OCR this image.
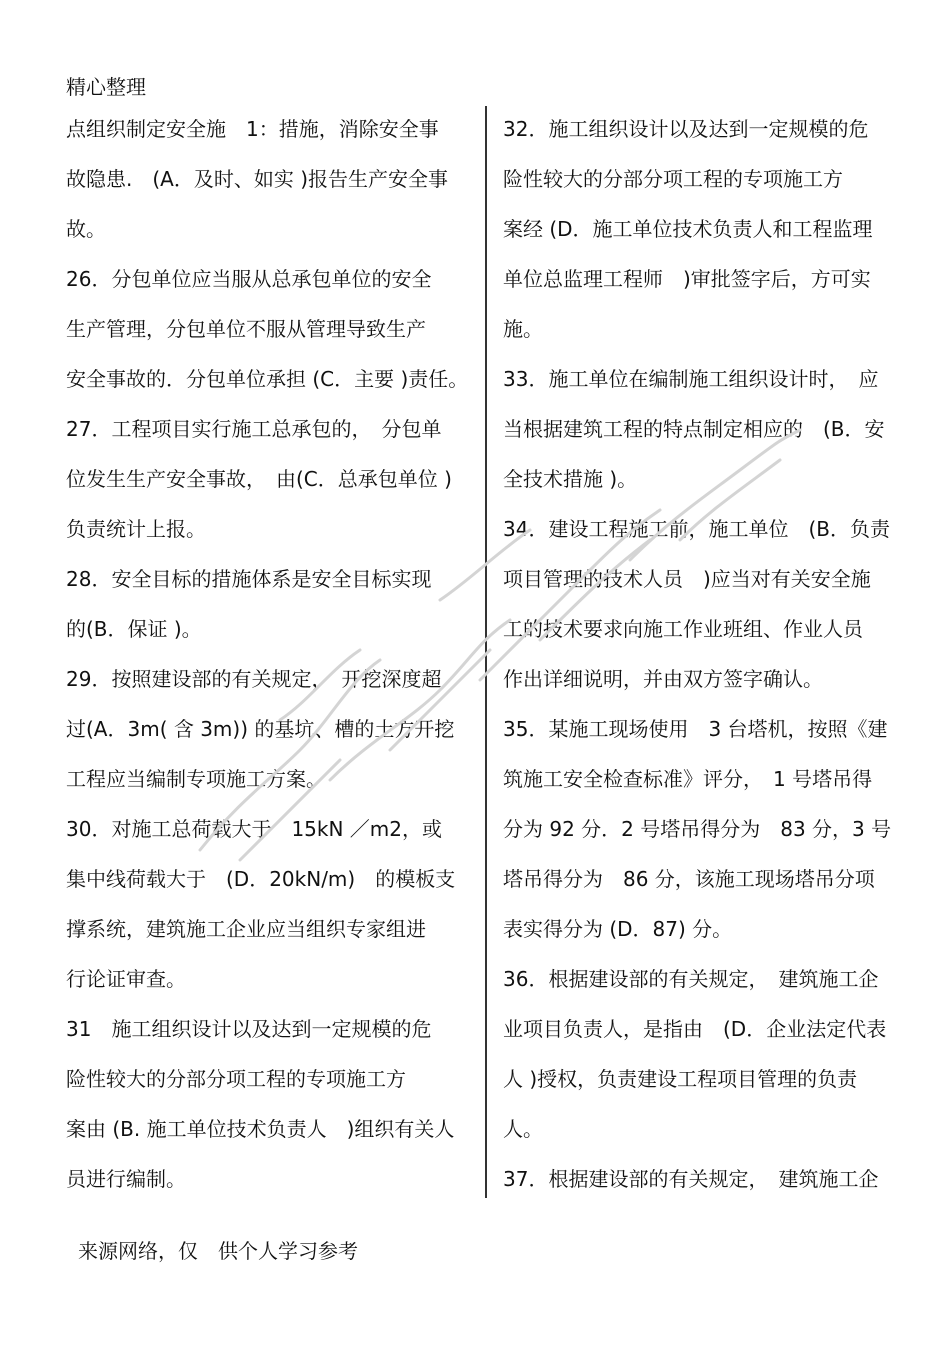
精心整理
点组织制定安全施　1：措施，消除安全事
故隐患.　(A．及时、如实 )报告生产安全事
故。
26．分包单位应当服从总承包单位的安全
生产管理，分包单位不服从管理导致生产
安全事故的．分包单位承担 (C．主要 )责任。
27．工程项目实行施工总承包的，　分包单
位发生生产安全事故，　由(C．总承包单位 )
负责统计上报。
28．安全目标的措施体系是安全目标实现
的(B．保证 )。
29．按照建设部的有关规定，　开挖深度超
过(A．3m( 含 3m)) 的基坑、槽的土方开挖
工程应当编制专项施工方案。
30．对施工总荷载大于　15kN ／m2，或
集中线荷载大于　(D．20kN/m)　的模板支
撑系统，建筑施工企业应当组织专家组进
行论证审查。
31　施工组织设计以及达到一定规模的危
险性较大的分部分项工程的专项施工方
案由 (B. 施工单位技术负责人　)组织有关人
员进行编制。
32．施工组织设计以及达到一定规模的危
险性较大的分部分项工程的专项施工方
案经 (D．施工单位技术负责人和工程监理
单位总监理工程师　)审批签字后，方可实
施。
33．施工单位在编制施工组织设计时，　应
当根据建筑工程的特点制定相应的　(B．安
全技术措施 )。
34．建设工程施工前，施工单位　(B．负责
项目管理的技术人员　)应当对有关安全施
工的技术要求向施工作业班组、作业人员
作出详细说明，并由双方签字确认。
35．某施工现场使用　3 台塔机，按照《建
筑施工安全检查标准》评分，　1 号塔吊得
分为 92 分．2 号塔吊得分为　83 分，3 号
塔吊得分为　86 分，该施工现场塔吊分项
表实得分为 (D．87) 分。
36．根据建设部的有关规定，　建筑施工企
业项目负责人，是指由　(D．企业法定代表
人 )授权，负责建设工程项目管理的负责
人。
37．根据建设部的有关规定，　建筑施工企
来源网络，仅　供个人学习参考
